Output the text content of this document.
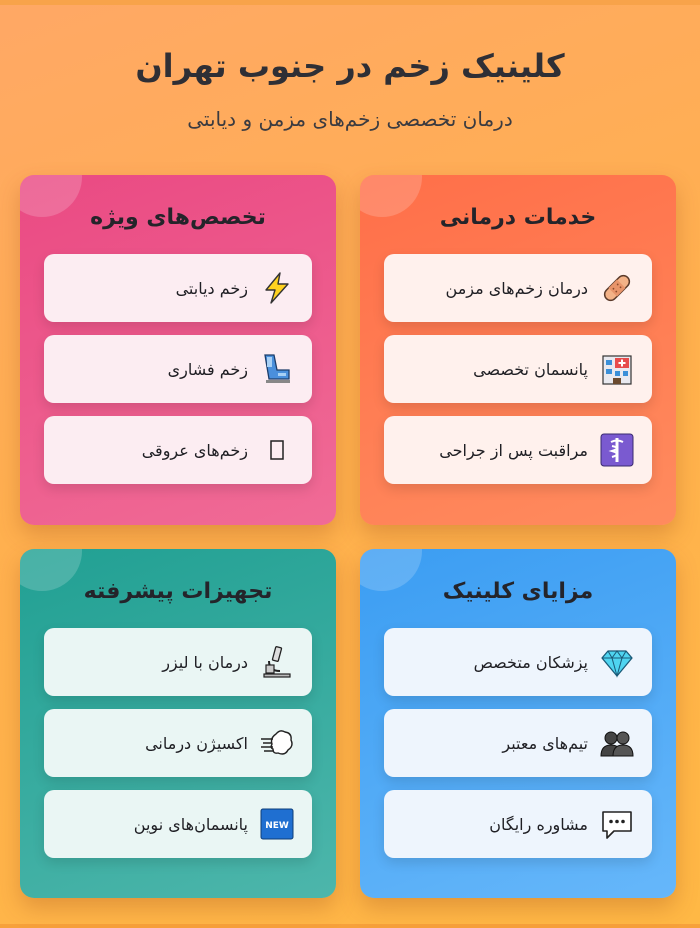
کلینیک زخم در جنوب تهران

درمان تخصصی زخم‌های مزمن و دیابتی

خدمات درمانی
درمان زخم‌های مزمن
پانسمان تخصصی
مراقبت پس از جراحی
تخصص‌های ویژه
زخم دیابتی
زخم فشاری
زخم‌های عروقی
مزایای کلینیک
پزشکان متخصص
تیم‌های معتبر
مشاوره رایگان
تجهیزات پیشرفته
درمان با لیزر
اکسیژن درمانی
NEW
پانسمان‌های نوین
